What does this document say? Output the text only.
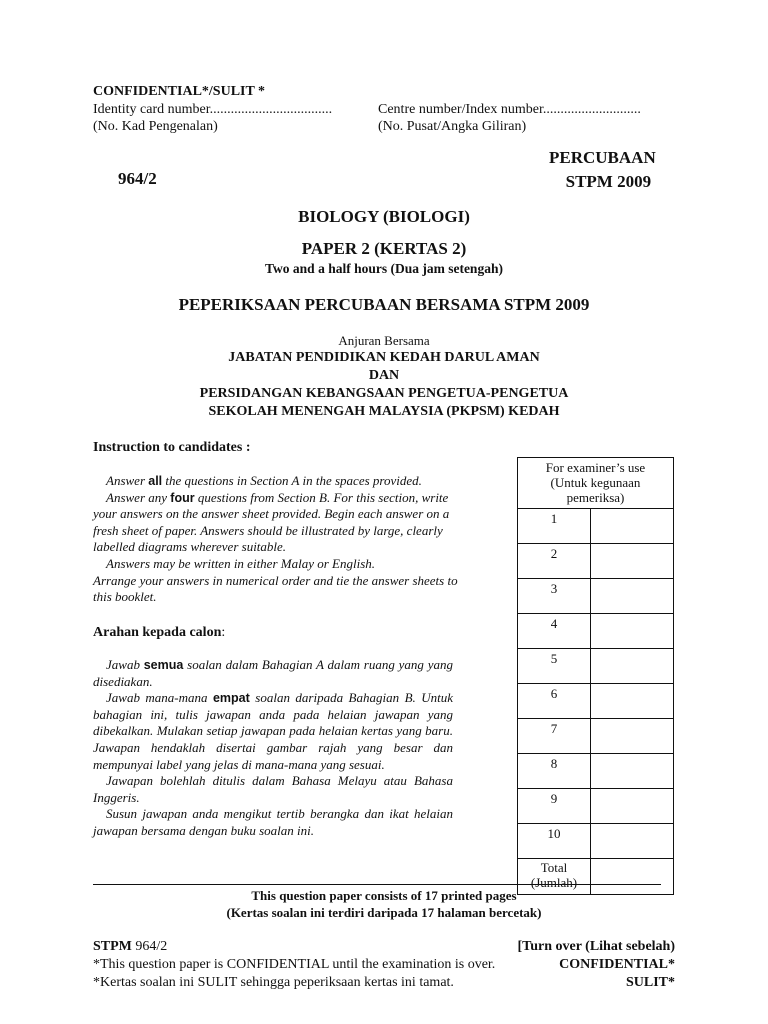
CONFIDENTIAL*/SULIT *
Identity card number...................................	Centre number/Index number............................
(No. Kad Pengenalan)	(No. Pusat/Angka Giliran)
PERCUBAAN
STPM 2009
964/2
BIOLOGY (BIOLOGI)
PAPER 2 (KERTAS 2)
Two and a half hours (Dua jam setengah)
PEPERIKSAAN PERCUBAAN BERSAMA STPM 2009
Anjuran Bersama
JABATAN PENDIDIKAN KEDAH DARUL AMAN
DAN
PERSIDANGAN KEBANGSAAN PENGETUA-PENGETUA
SEKOLAH MENENGAH MALAYSIA (PKPSM) KEDAH
Instruction to candidates :

Answer all the questions in Section A in the spaces provided.

Answer any four questions from Section B. For this section, write your answers on the answer sheet provided. Begin each answer on a fresh sheet of paper. Answers should be illustrated by large, clearly labelled diagrams wherever suitable.

Answers may be written in either Malay or English.

Arrange your answers in numerical order and tie the answer sheets to this booklet.

Arahan kepada calon:

Jawab semua soalan dalam Bahagian A dalam ruang yang yang disediakan.

Jawab mana-mana empat soalan daripada Bahagian B. Untuk bahagian ini, tulis jawapan anda pada helaian jawapan yang dibekalkan. Mulakan setiap jawapan pada helaian kertas yang baru. Jawapan hendaklah disertai gambar rajah yang besar dan mempunyai label yang jelas di mana-mana yang sesuai.

Jawapan bolehlah ditulis dalam Bahasa Melayu atau Bahasa Inggeris.

Susun jawapan anda mengikut tertib berangka dan ikat helaian jawapan bersama dengan buku soalan ini.

For examiner’s use
(Untuk kegunaan
pemeriksa)	

1	
2	
3	
4	
5	
6	
7	
8	
9	
10	

Total
(Jumlah)	

This question paper consists of 17 printed pages
(Kertas soalan ini terdiri daripada 17 halaman bercetak)
STPM 964/2	[Turn over (Lihat sebelah)
*This question paper is CONFIDENTIAL until the examination is over.	CONFIDENTIAL*
*Kertas soalan ini SULIT sehingga peperiksaan kertas ini tamat.	SULIT*
